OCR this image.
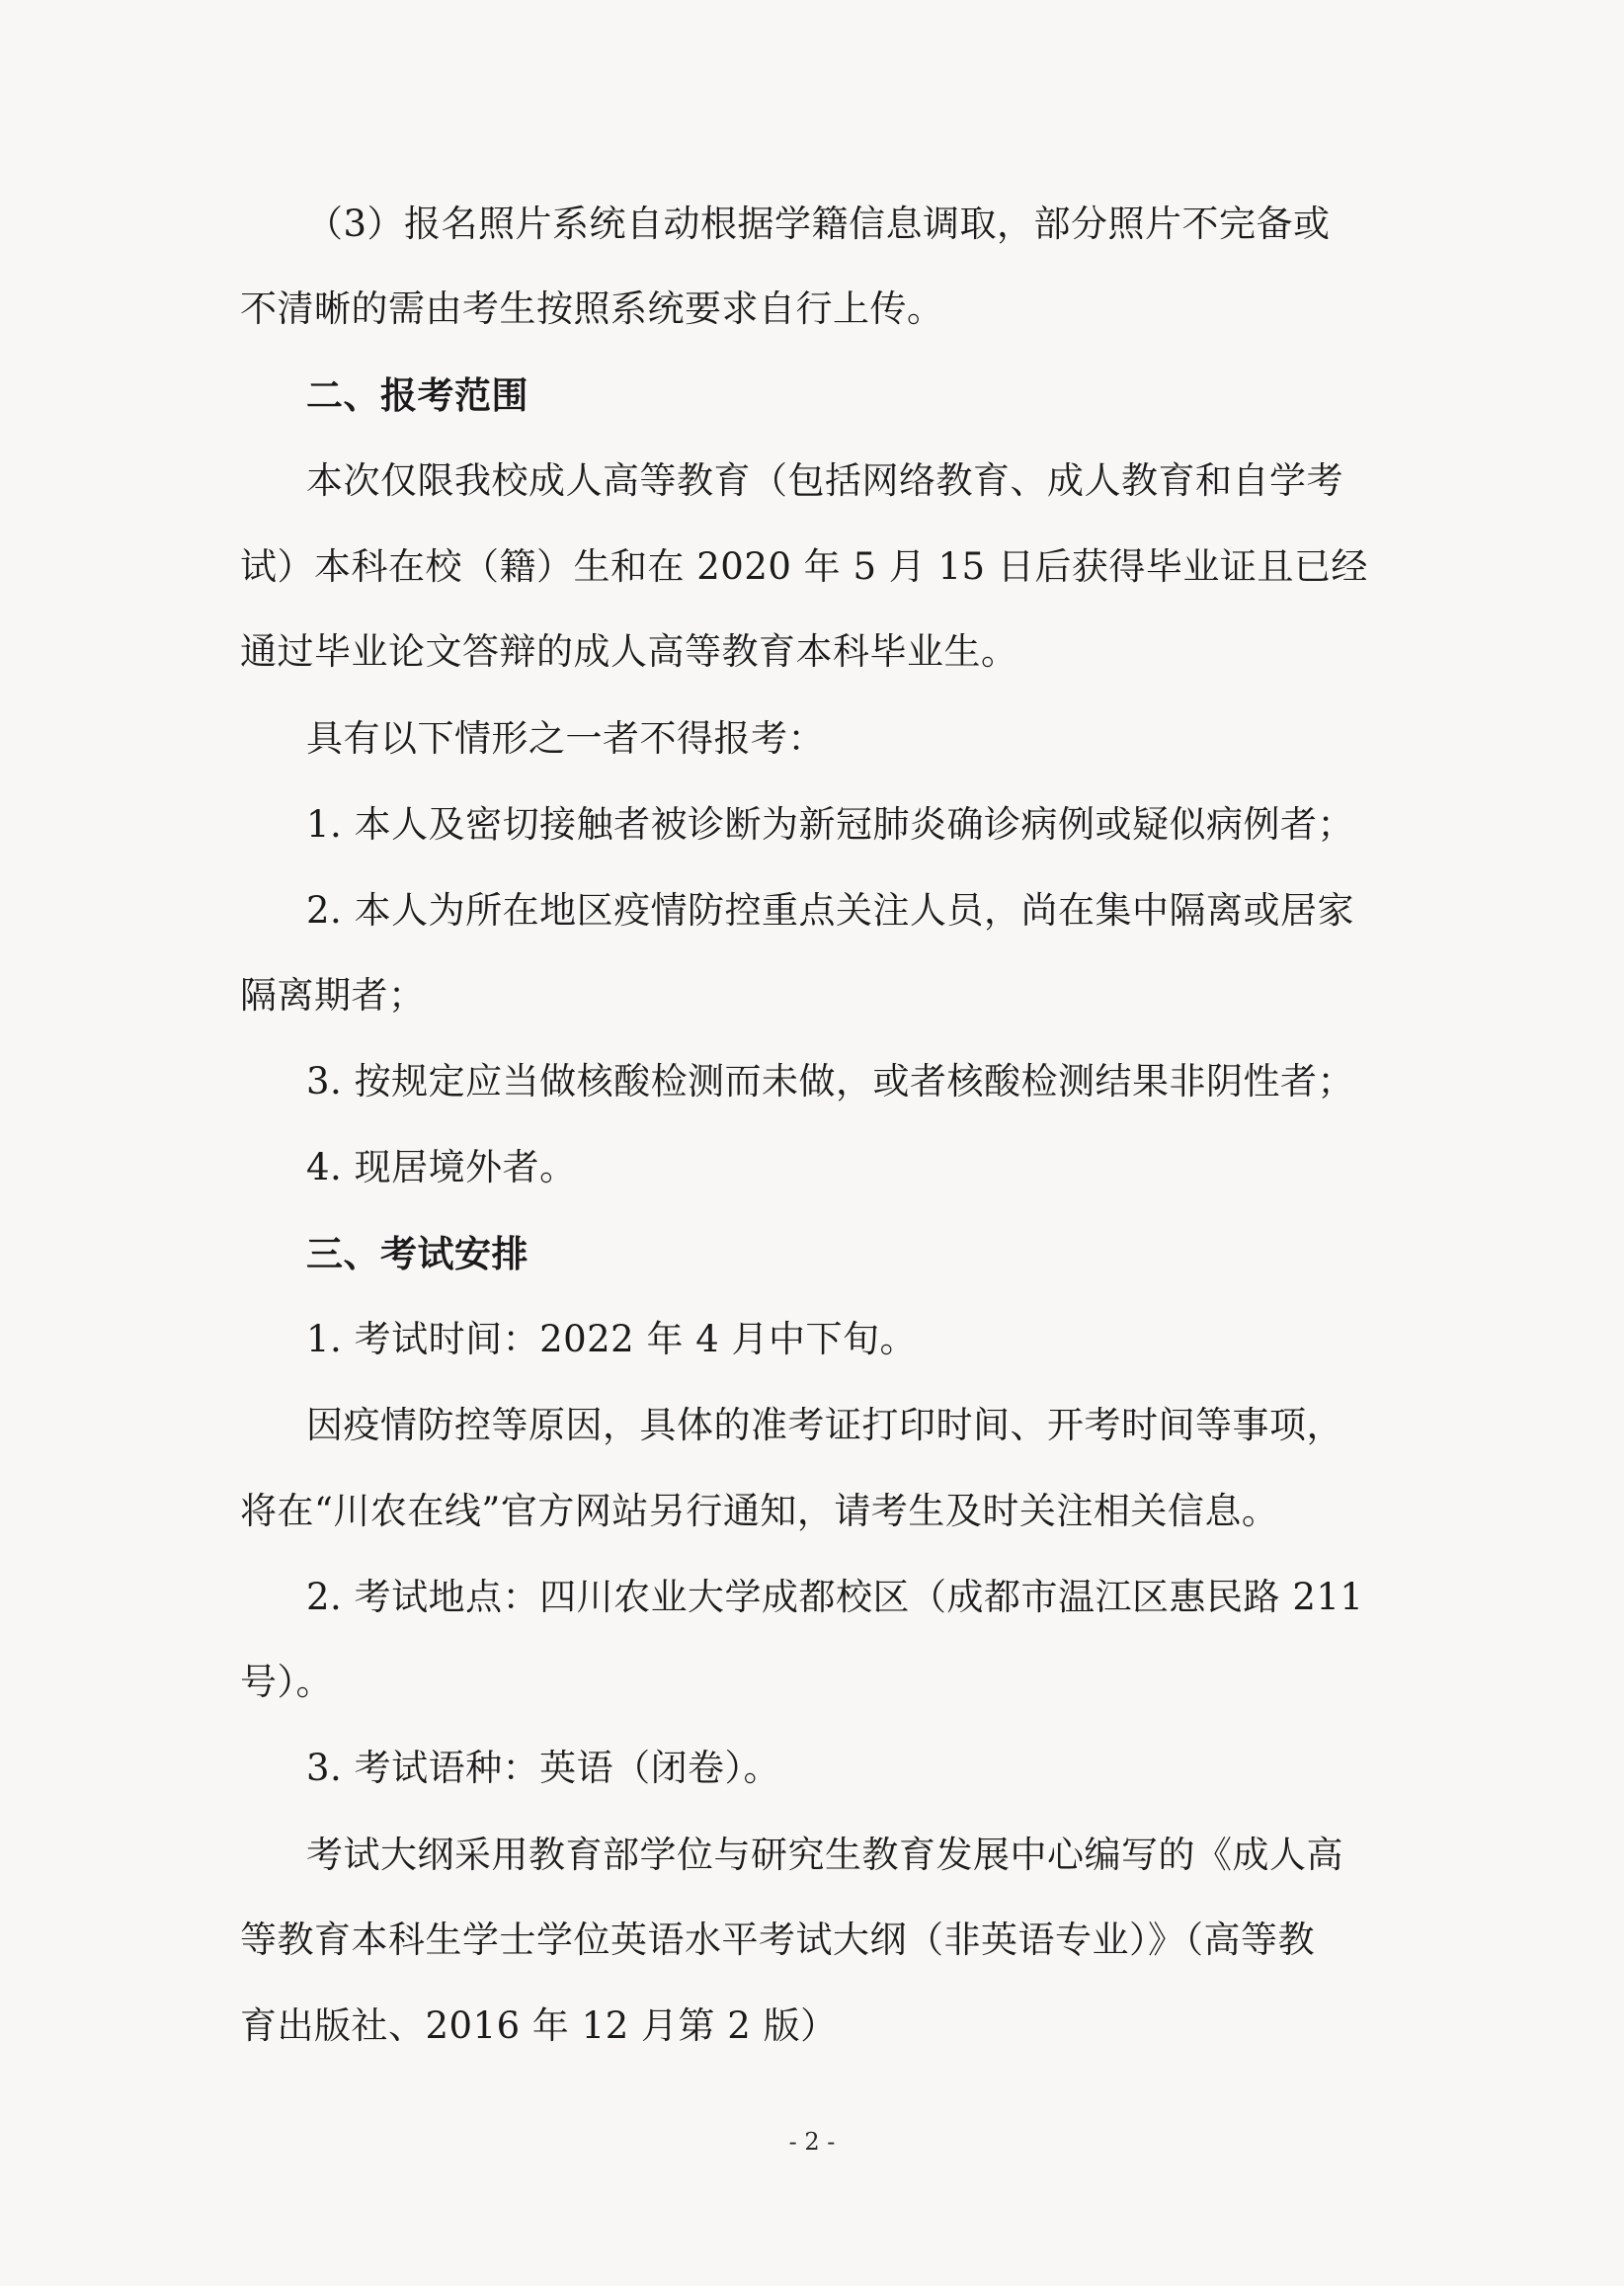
（3）报名照片系统自动根据学籍信息调取，部分照片不完备或
不清晰的需由考生按照系统要求自行上传。
二、报考范围
本次仅限我校成人高等教育（包括网络教育、成人教育和自学考
试）本科在校（籍）生和在 2020 年 5 月 15 日后获得毕业证且已经
通过毕业论文答辩的成人高等教育本科毕业生。
具有以下情形之一者不得报考：
1. 本人及密切接触者被诊断为新冠肺炎确诊病例或疑似病例者；
2. 本人为所在地区疫情防控重点关注人员，尚在集中隔离或居家
隔离期者；
3. 按规定应当做核酸检测而未做，或者核酸检测结果非阴性者；
4. 现居境外者。
三、考试安排
1. 考试时间：2022 年 4 月中下旬。
因疫情防控等原因，具体的准考证打印时间、开考时间等事项，
将在“川农在线”官方网站另行通知，请考生及时关注相关信息。
2. 考试地点：四川农业大学成都校区（成都市温江区惠民路 211
号）。
3. 考试语种：英语（闭卷）。
考试大纲采用教育部学位与研究生教育发展中心编写的《成人高
等教育本科生学士学位英语水平考试大纲（非英语专业）》（高等教
育出版社、2016 年 12 月第 2 版）
- 2 -
